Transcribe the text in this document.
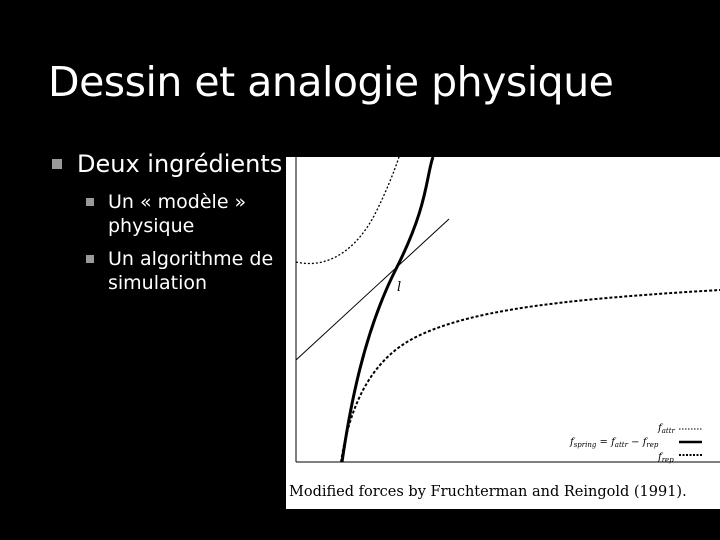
Dessin et analogie physique
Deux ingrédients
Un « modèle »
physique
Un algorithme de
simulation	l
$f_{attr}$
$f_{spring} = f_{attr} - f_{rep}$
$f_{rep}$
Modified forces by Fruchterman and Reingold (1991).
